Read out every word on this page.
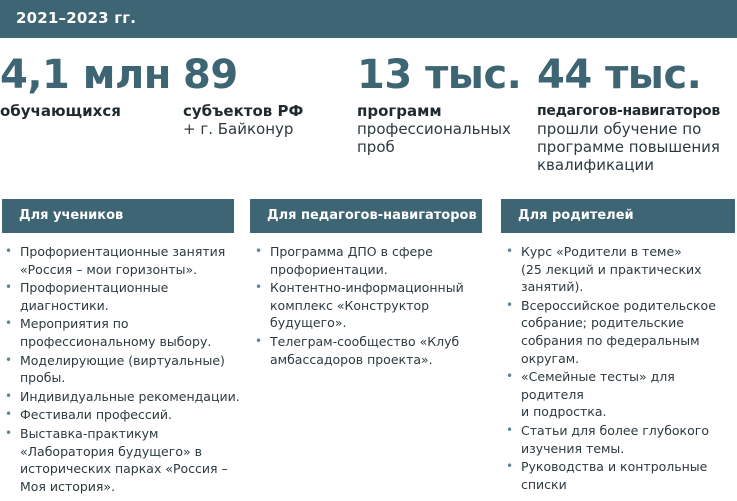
2021–2023 гг.
4,1 млн
обучающихся
89
субъектов РФ
+ г. Байконур
13 тыс.
программ
профессиональных
проб
44 тыс.
педагогов-навигаторов
прошли обучение по
программе повышения
квалификации
Для учеников	Для педагогов-навигаторов	Для родителей
• Профориентационные занятия
«Россия – мои горизонты».
• Профориентационные
диагностики.
• Мероприятия по
профессиональному выбору.
• Моделирующие (виртуальные)
пробы.
• Индивидуальные рекомендации.
• Фестивали профессий.
• Выставка-практикум
«Лаборатория будущего» в
исторических парках «Россия –
Моя история».
• Программа ДПО в сфере
профориентации.
• Контентно-информационный
комплекс «Конструктор
будущего».
• Телеграм-сообщество «Клуб
амбассадоров проекта».
• Курс «Родители в теме»
(25 лекций и практических
занятий).
• Всероссийское родительское
собрание; родительские
собрания по федеральным
округам.
• «Семейные тесты» для родителя
и подростка.
• Статьи для более глубокого
изучения темы.
• Руководства и контрольные
списки
